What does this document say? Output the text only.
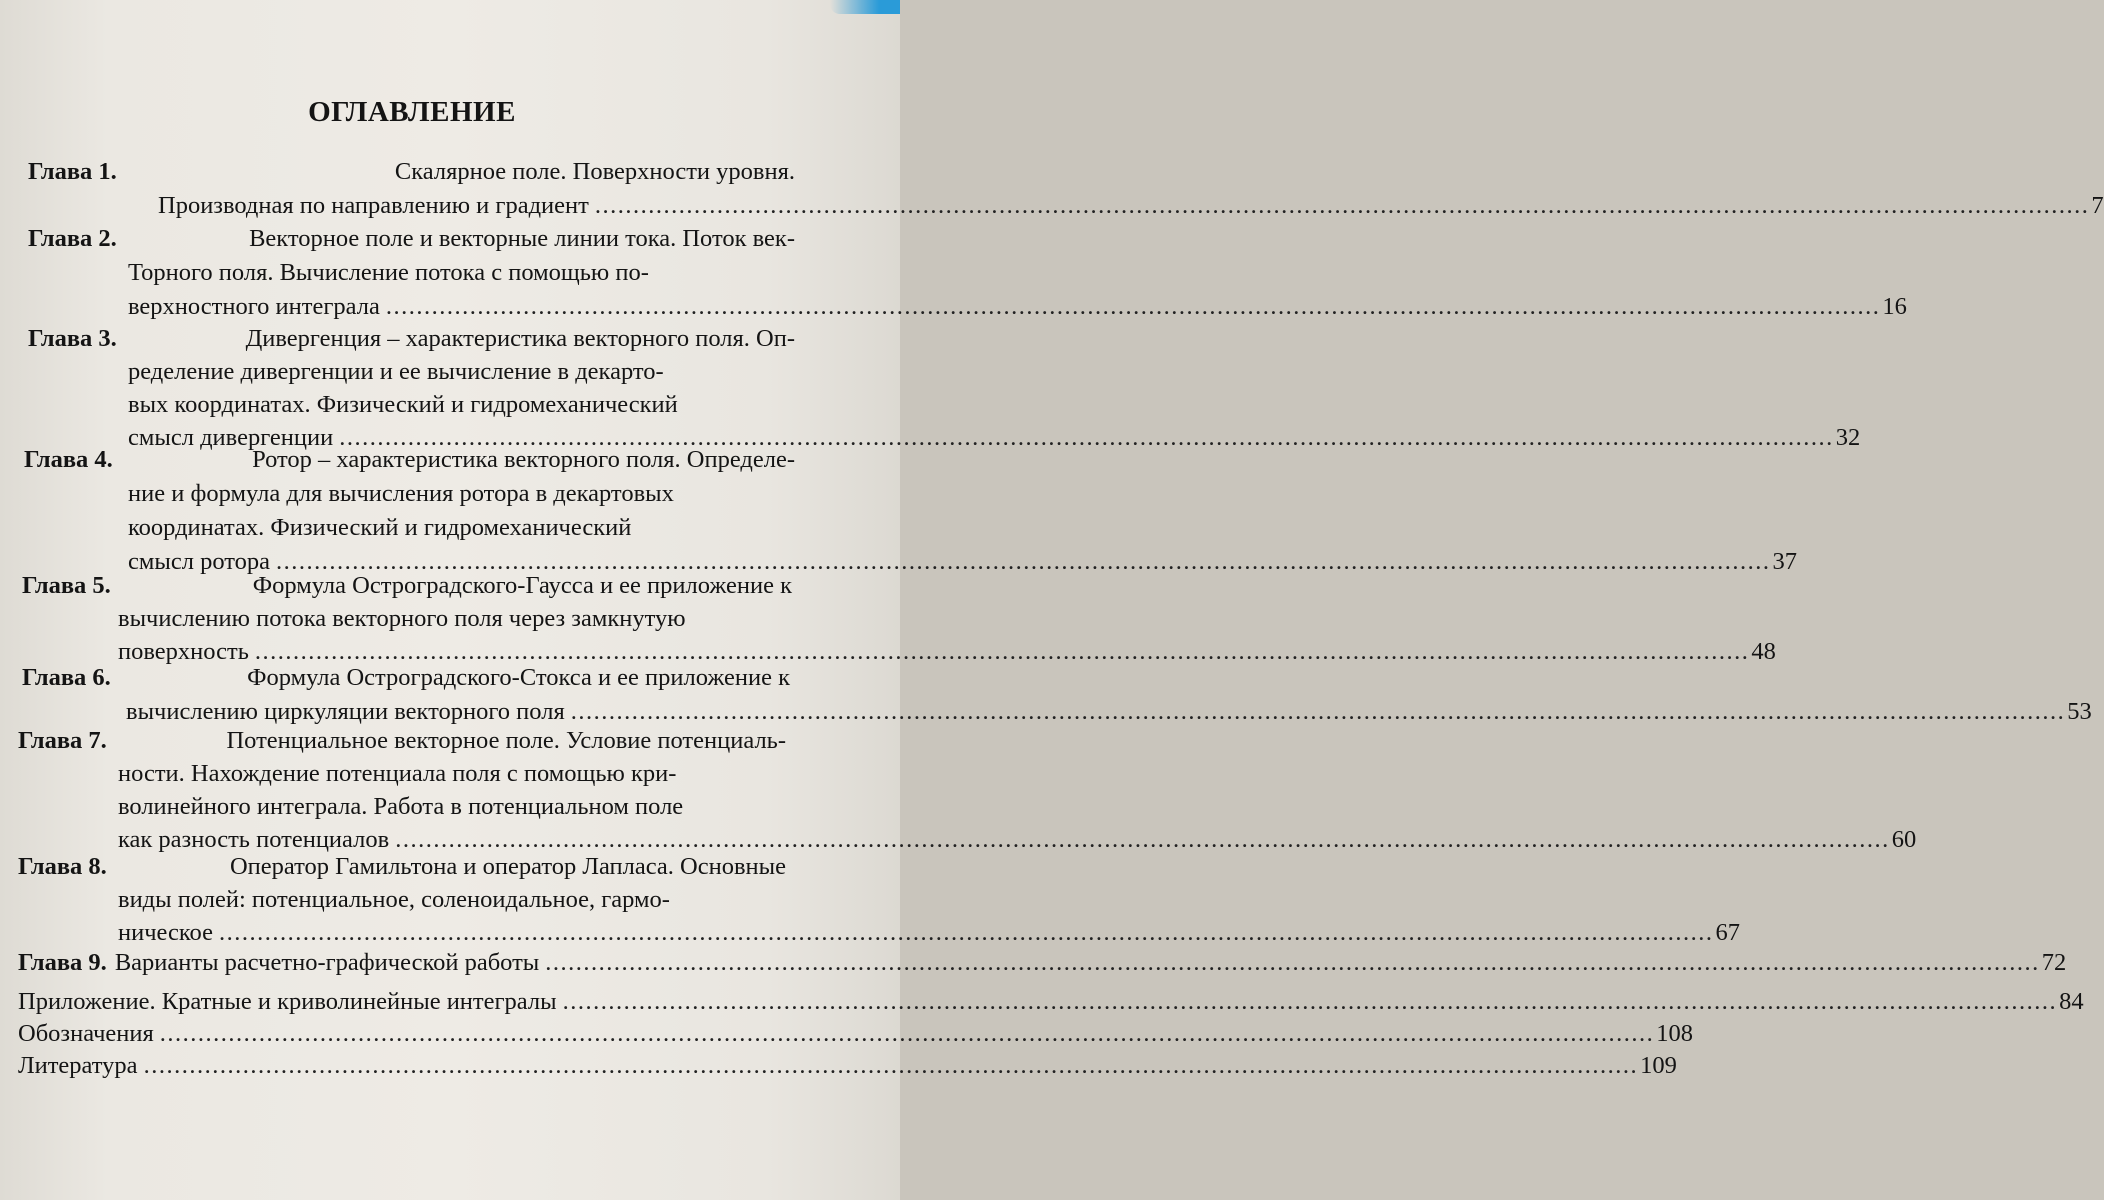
ОГЛАВЛЕНИЕ
Глава 1.	Скалярное поле. Поверхности уровня.
Производная по направлению и градиент .................................................................................................................................................................................................... 7
Глава 2.	Векторное поле и векторные линии тока. Поток век-
Торного поля. Вычисление потока с помощью по-
верхностного интеграла .................................................................................................................................................................................................... 16
Глава 3.	Дивергенция – характеристика векторного поля. Оп-
ределение дивергенции и ее вычисление в декарто-
вых координатах. Физический и гидромеханический
смысл дивергенции .................................................................................................................................................................................................... 32
Глава 4.	Ротор – характеристика векторного поля. Определе-
ние и формула для вычисления ротора в декартовых
координатах. Физический и гидромеханический
смысл ротора .................................................................................................................................................................................................... 37
Глава 5.	Формула Остроградского-Гаусса и ее приложение к
вычислению потока векторного поля через замкнутую
поверхность .................................................................................................................................................................................................... 48
Глава 6.	Формула Остроградского-Стокса и ее приложение к
вычислению циркуляции векторного поля .................................................................................................................................................................................................... 53
Глава 7.	Потенциальное векторное поле. Условие потенциаль-
ности. Нахождение потенциала поля с помощью кри-
волинейного интеграла. Работа в потенциальном поле
как разность потенциалов .................................................................................................................................................................................................... 60
Глава 8.	Оператор Гамильтона и оператор Лапласа. Основные
виды полей: потенциальное, соленоидальное, гармо-
ническое .................................................................................................................................................................................................... 67
Глава 9. Варианты расчетно-графической работы .................................................................................................................................................................................................... 72
Приложение. Кратные и криволинейные интегралы .................................................................................................................................................................................................... 84
Обозначения .................................................................................................................................................................................................... 108
Литература .................................................................................................................................................................................................... 109
